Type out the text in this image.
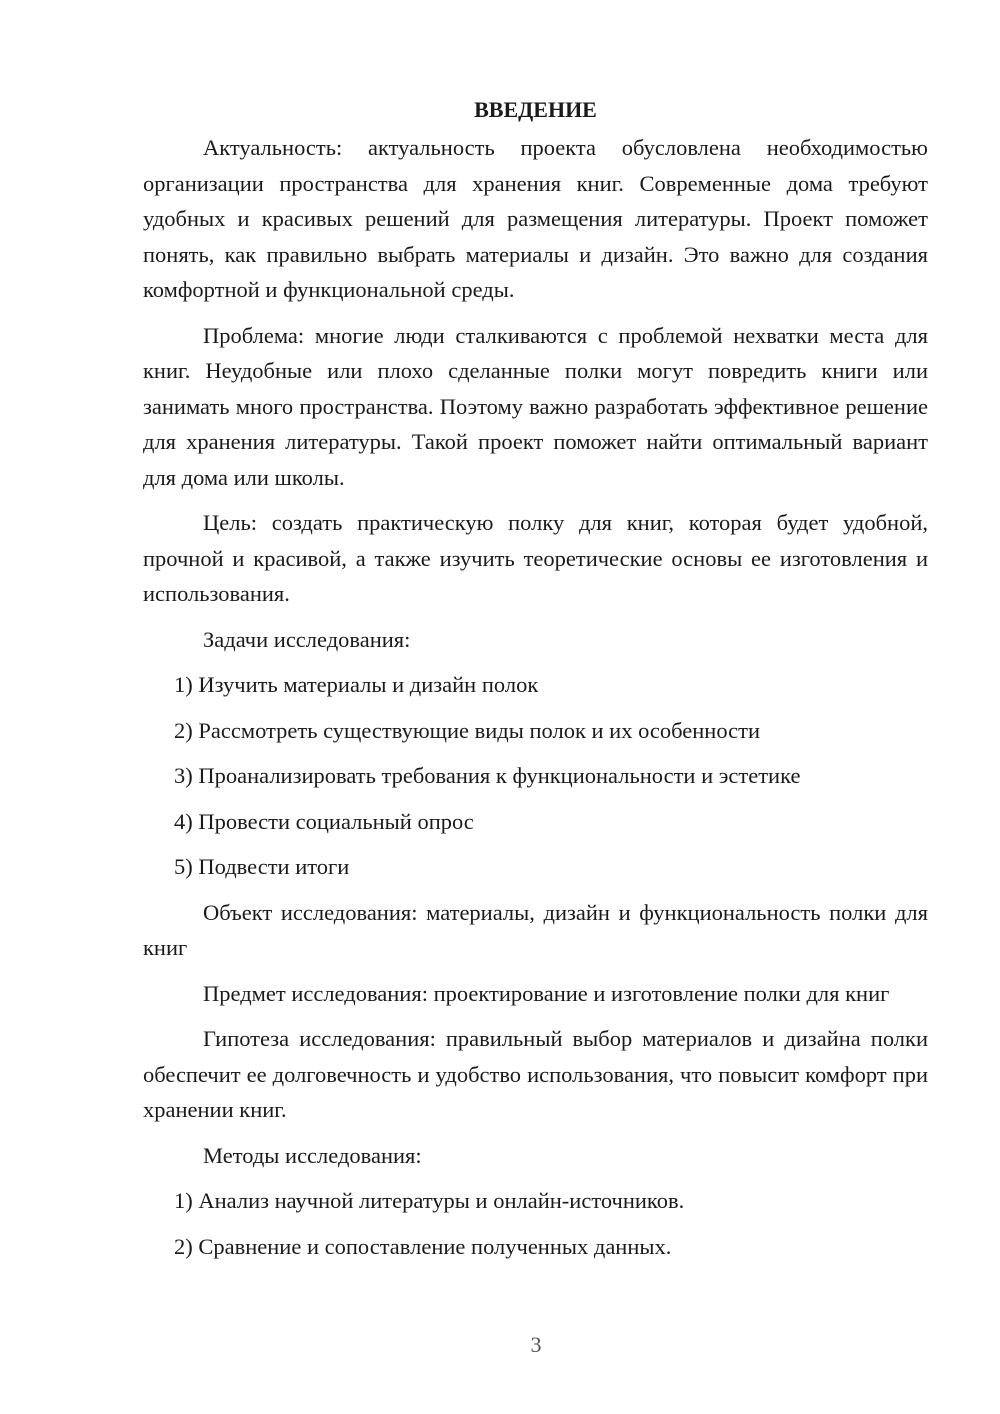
ВВЕДЕНИЕ

Актуальность: актуальность проекта обусловлена необходимостью организации пространства для хранения книг. Современные дома требуют удобных и красивых решений для размещения литературы. Проект поможет понять, как правильно выбрать материалы и дизайн. Это важно для создания комфортной и функциональной среды.

Проблема: многие люди сталкиваются с проблемой нехватки места для книг. Неудобные или плохо сделанные полки могут повредить книги или занимать много пространства. Поэтому важно разработать эффективное решение для хранения литературы. Такой проект поможет найти оптимальный вариант для дома или школы.

Цель: создать практическую полку для книг, которая будет удобной, прочной и красивой, а также изучить теоретические основы ее изготовления и использования.

Задачи исследования:

1) Изучить материалы и дизайн полок
2) Рассмотреть существующие виды полок и их особенности
3) Проанализировать требования к функциональности и эстетике
4) Провести социальный опрос
5) Подвести итоги

Объект исследования: материалы, дизайн и функциональность полки для книг

Предмет исследования: проектирование и изготовление полки для книг

Гипотеза исследования: правильный выбор материалов и дизайна полки обеспечит ее долговечность и удобство использования, что повысит комфорт при хранении книг.

Методы исследования:

1) Анализ научной литературы и онлайн-источников.
2) Сравнение и сопоставление полученных данных.
3
